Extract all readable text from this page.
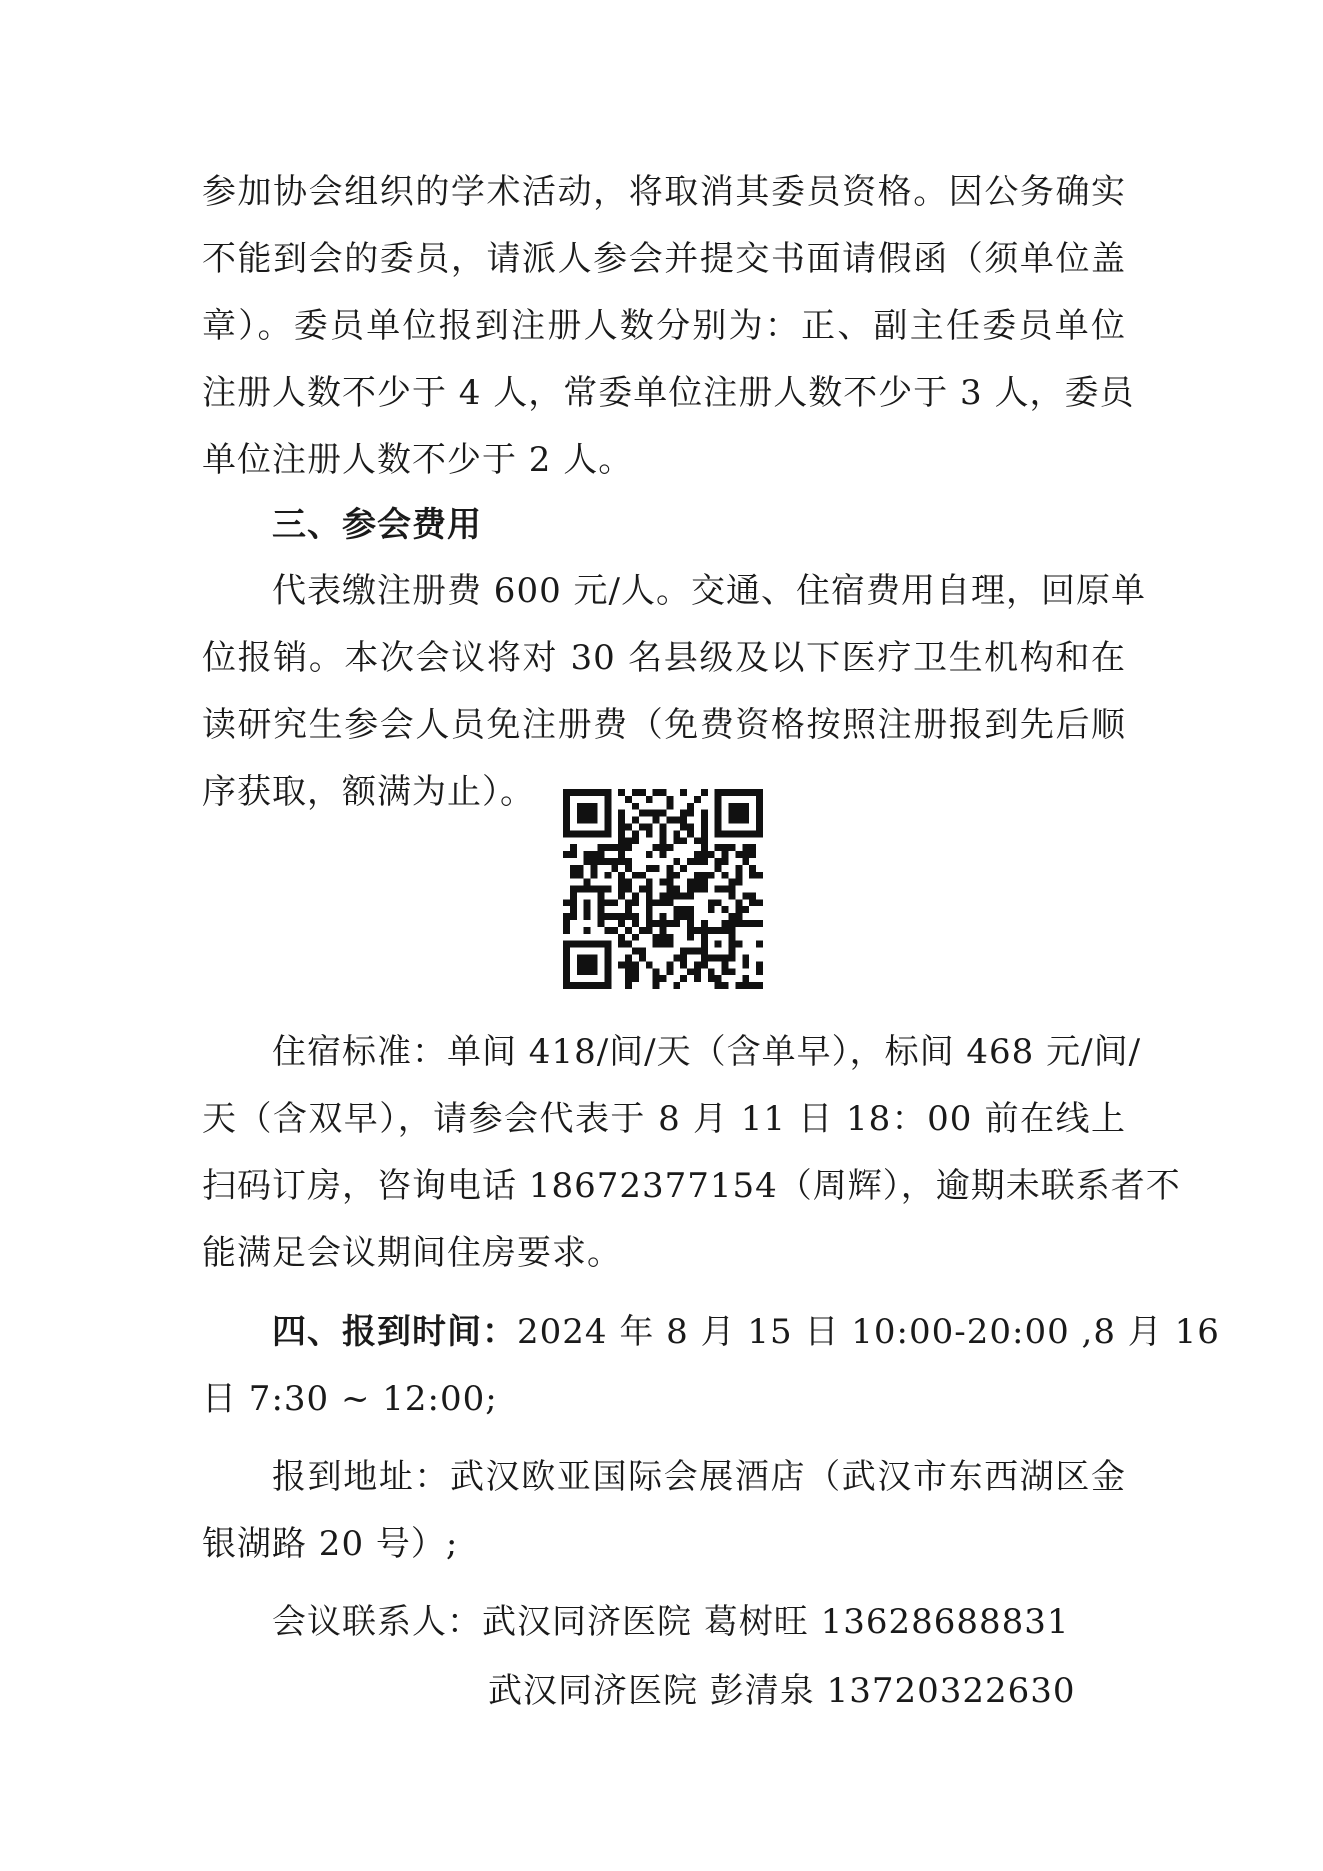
参加协会组织的学术活动，将取消其委员资格。因公务确实
不能到会的委员，请派人参会并提交书面请假函（须单位盖
章）。委员单位报到注册人数分别为：正、副主任委员单位
注册人数不少于 4 人，常委单位注册人数不少于 3 人，委员
单位注册人数不少于 2 人。
三、参会费用
代表缴注册费 600 元/人。交通、住宿费用自理，回原单
位报销。本次会议将对 30 名县级及以下医疗卫生机构和在
读研究生参会人员免注册费（免费资格按照注册报到先后顺
序获取，额满为止）。
住宿标准：单间 418/间/天（含单早），标间 468 元/间/
天（含双早），请参会代表于 8 月 11 日 18：00 前在线上
扫码订房，咨询电话 18672377154（周辉），逾期未联系者不
能满足会议期间住房要求。
四、报到时间： 2024 年 8 月 15 日 10:00-20:00 ,8 月 16
日 7:30 ~ 12:00;
报到地址：武汉欧亚国际会展酒店（武汉市东西湖区金
银湖路 20 号）;
会议联系人： 武汉同济医院 葛树旺 13628688831
武汉同济医院 彭清泉 13720322630
